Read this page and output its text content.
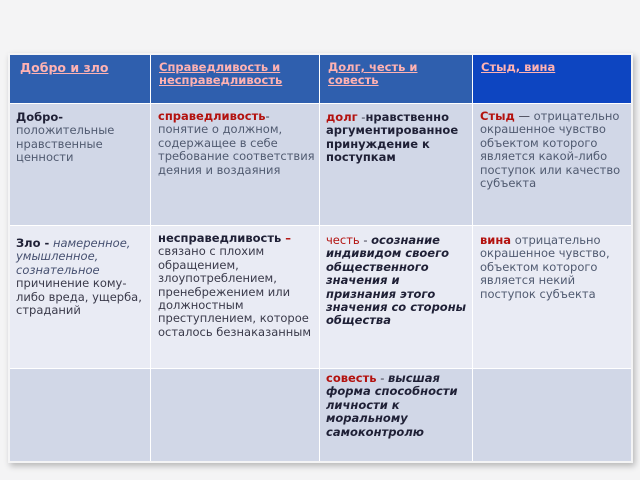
Добро и зло
Добро- положительные нравственные ценности
Зло - намеренное, умышленное, сознательное причинение кому-либо вреда, ущерба, страданий
Справедливость и несправедливость
справедливость- понятие о должном, содержащее в себе требование соответствия деяния и воздаяния
несправедливость – связано с плохим обращением, злоупотреблением, пренебрежением или должностным преступлением, которое осталось безнаказанным
Долг, честь и совесть
долг -нравственно аргументированное принуждение к поступкам
честь - осознание индивидом своего общественного значения и признания этого значения со стороны общества
совесть - высшая форма способности личности к моральному самоконтролю
Стыд, вина
Стыд — отрицательно окрашенное чувство объектом которого является какой-либо поступок или качество субъекта
вина отрицательно окрашенное чувство, объектом которого является некий поступок субъекта
